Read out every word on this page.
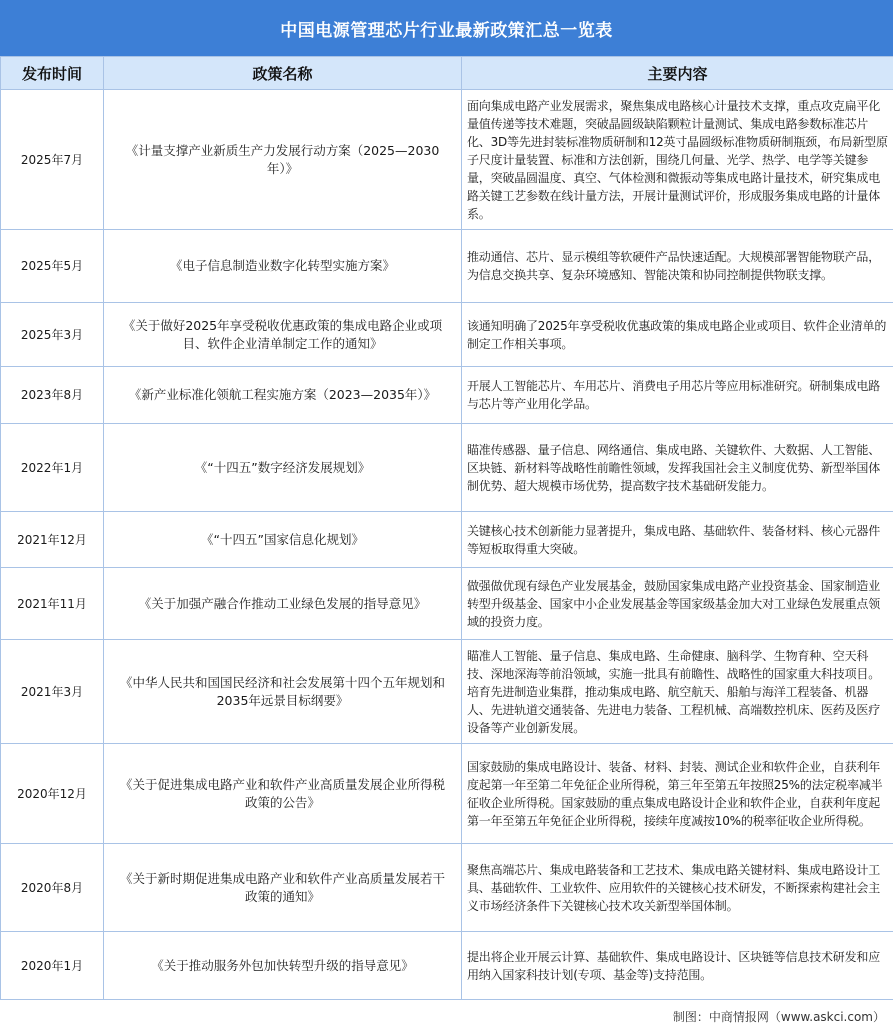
中国电源管理芯片行业最新政策汇总一览表
发布时间	政策名称	主要内容
2025年7月	《计量支撑产业新质生产力发展行动方案（2025—2030年）》	面向集成电路产业发展需求，聚焦集成电路核心计量技术支撑，重点攻克扁平化量值传递等技术难题，突破晶圆级缺陷颗粒计量测试、集成电路参数标准芯片化、3D等先进封装标准物质研制和12英寸晶圆级标准物质研制瓶颈，布局新型原子尺度计量装置、标准和方法创新，围绕几何量、光学、热学、电学等关键参量，突破晶圆温度、真空、气体检测和微振动等集成电路计量技术，研究集成电路关键工艺参数在线计量方法，开展计量测试评价，形成服务集成电路的计量体系。
2025年5月	《电子信息制造业数字化转型实施方案》	推动通信、芯片、显示模组等软硬件产品快速适配。大规模部署智能物联产品，为信息交换共享、复杂环境感知、智能决策和协同控制提供物联支撑。
2025年3月	《关于做好2025年享受税收优惠政策的集成电路企业或项目、软件企业清单制定工作的通知》	该通知明确了2025年享受税收优惠政策的集成电路企业或项目、软件企业清单的制定工作相关事项。
2023年8月	《新产业标准化领航工程实施方案（2023—2035年）》	开展人工智能芯片、车用芯片、消费电子用芯片等应用标准研究。研制集成电路与芯片等产业用化学品。
2022年1月	《“十四五”数字经济发展规划》	瞄准传感器、量子信息、网络通信、集成电路、关键软件、大数据、人工智能、区块链、新材料等战略性前瞻性领域，发挥我国社会主义制度优势、新型举国体制优势、超大规模市场优势，提高数字技术基础研发能力。
2021年12月	《“十四五”国家信息化规划》	关键核心技术创新能力显著提升，集成电路、基础软件、装备材料、核心元器件等短板取得重大突破。
2021年11月	《关于加强产融合作推动工业绿色发展的指导意见》	做强做优现有绿色产业发展基金，鼓励国家集成电路产业投资基金、国家制造业转型升级基金、国家中小企业发展基金等国家级基金加大对工业绿色发展重点领域的投资力度。
2021年3月	《中华人民共和国国民经济和社会发展第十四个五年规划和2035年远景目标纲要》	瞄准人工智能、量子信息、集成电路、生命健康、脑科学、生物育种、空天科技、深地深海等前沿领域，实施一批具有前瞻性、战略性的国家重大科技项目。培育先进制造业集群，推动集成电路、航空航天、船舶与海洋工程装备、机器人、先进轨道交通装备、先进电力装备、工程机械、高端数控机床、医药及医疗设备等产业创新发展。
2020年12月	《关于促进集成电路产业和软件产业高质量发展企业所得税政策的公告》	国家鼓励的集成电路设计、装备、材料、封装、测试企业和软件企业，自获利年度起第一年至第二年免征企业所得税，第三年至第五年按照25%的法定税率减半征收企业所得税。国家鼓励的重点集成电路设计企业和软件企业，自获利年度起第一年至第五年免征企业所得税，接续年度减按10%的税率征收企业所得税。
2020年8月	《关于新时期促进集成电路产业和软件产业高质量发展若干政策的通知》	聚焦高端芯片、集成电路装备和工艺技术、集成电路关键材料、集成电路设计工具、基础软件、工业软件、应用软件的关键核心技术研发，不断探索构建社会主义市场经济条件下关键核心技术攻关新型举国体制。
2020年1月	《关于推动服务外包加快转型升级的指导意见》	提出将企业开展云计算、基础软件、集成电路设计、区块链等信息技术研发和应用纳入国家科技计划(专项、基金等)支持范围。
制图：中商情报网（www.askci.com）
